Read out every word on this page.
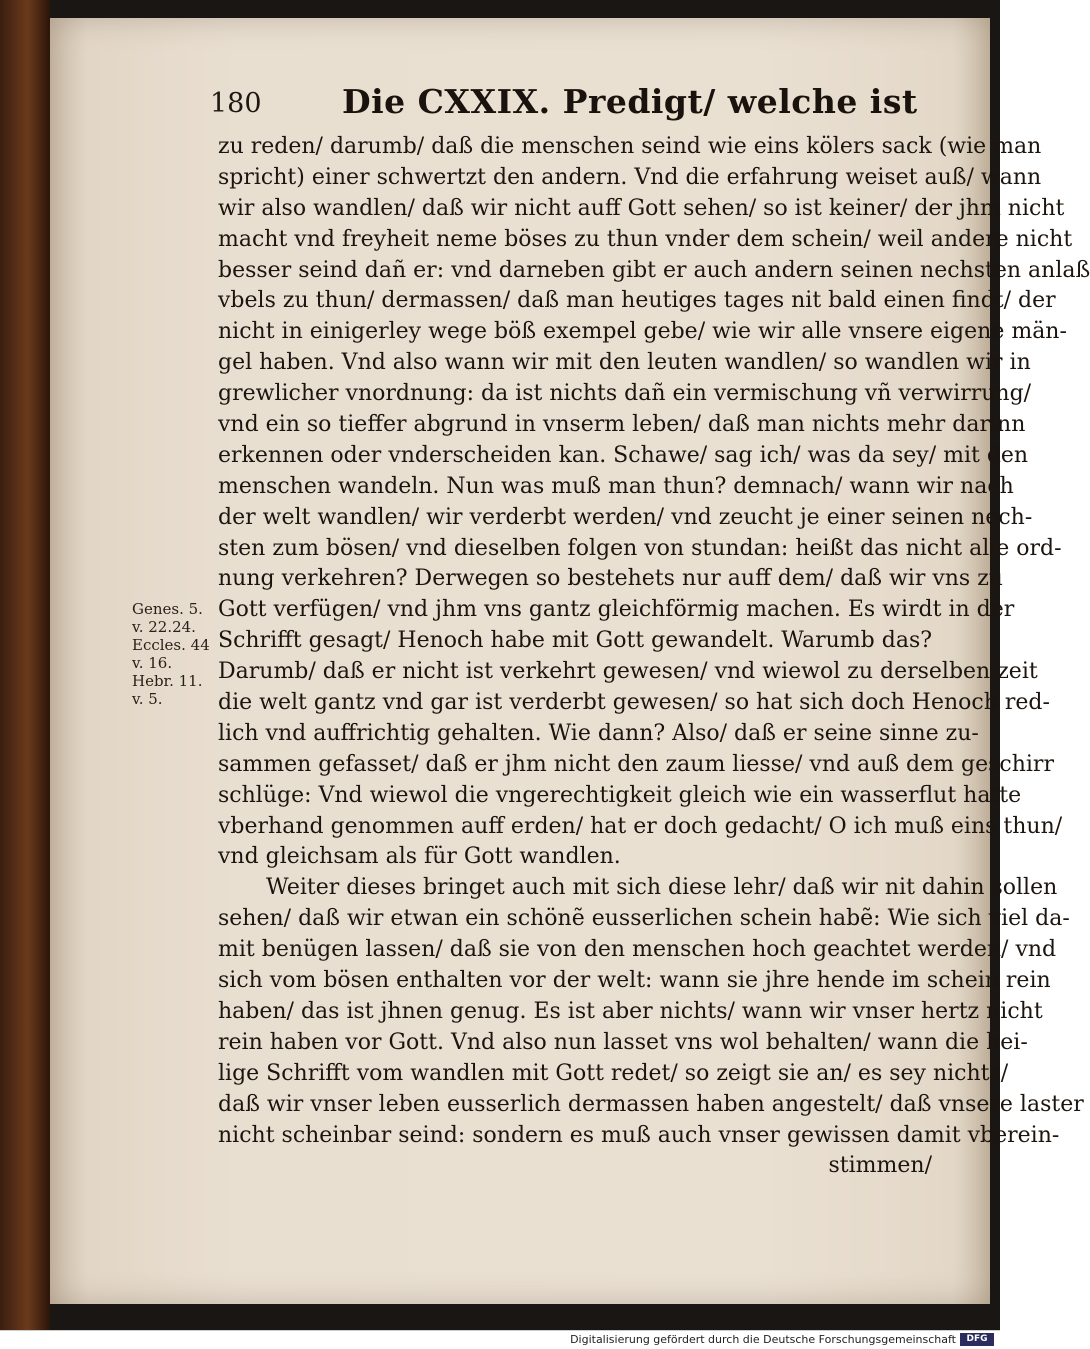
180 Die CXXIX. Predigt/ welche ist
Genes. 5.
v. 22.24.
Eccles. 44
v. 16.
Hebr. 11.
v. 5.
zu reden/ darumb/ daß die menschen seind wie eins kölers sack (wie man
spricht) einer schwertzt den andern. Vnd die erfahrung weiset auß/ wann
wir also wandlen/ daß wir nicht auff Gott sehen/ so ist keiner/ der jhm nicht
macht vnd freyheit neme böses zu thun vnder dem schein/ weil andere nicht
besser seind dañ er: vnd darneben gibt er auch andern seinen nechsten anlaß
vbels zu thun/ dermassen/ daß man heutiges tages nit bald einen findt/ der
nicht in einigerley wege böß exempel gebe/ wie wir alle vnsere eigene män-
gel haben. Vnd also wann wir mit den leuten wandlen/ so wandlen wir in
grewlicher vnordnung: da ist nichts dañ ein vermischung vñ verwirrung/
vnd ein so tieffer abgrund in vnserm leben/ daß man nichts mehr darinn
erkennen oder vnderscheiden kan. Schawe/ sag ich/ was da sey/ mit den
menschen wandeln. Nun was muß man thun? demnach/ wann wir nach
der welt wandlen/ wir verderbt werden/ vnd zeucht je einer seinen nech-
sten zum bösen/ vnd dieselben folgen von stundan: heißt das nicht alle ord-
nung verkehren? Derwegen so bestehets nur auff dem/ daß wir vns zu
Gott verfügen/ vnd jhm vns gantz gleichförmig machen. Es wirdt in der
Schrifft gesagt/ Henoch habe mit Gott gewandelt. Warumb das?
Darumb/ daß er nicht ist verkehrt gewesen/ vnd wiewol zu derselben zeit
die welt gantz vnd gar ist verderbt gewesen/ so hat sich doch Henoch red-
lich vnd auffrichtig gehalten. Wie dann? Also/ daß er seine sinne zu-
sammen gefasset/ daß er jhm nicht den zaum liesse/ vnd auß dem geschirr
schlüge: Vnd wiewol die vngerechtigkeit gleich wie ein wasserflut hatte
vberhand genommen auff erden/ hat er doch gedacht/ O ich muß eins thun/
vnd gleichsam als für Gott wandlen.
Weiter dieses bringet auch mit sich diese lehr/ daß wir nit dahin sollen
sehen/ daß wir etwan ein schönẽ eusserlichen schein habẽ: Wie sich viel da-
mit benügen lassen/ daß sie von den menschen hoch geachtet werden/ vnd
sich vom bösen enthalten vor der welt: wann sie jhre hende im schein rein
haben/ das ist jhnen genug. Es ist aber nichts/ wann wir vnser hertz nicht
rein haben vor Gott. Vnd also nun lasset vns wol behalten/ wann die hei-
lige Schrifft vom wandlen mit Gott redet/ so zeigt sie an/ es sey nichts/
daß wir vnser leben eusserlich dermassen haben angestelt/ daß vnsere laster
nicht scheinbar seind: sondern es muß auch vnser gewissen damit vberein-
stimmen/
Digitalisierung gefördert durch die Deutsche Forschungsgemeinschaft	DFG
